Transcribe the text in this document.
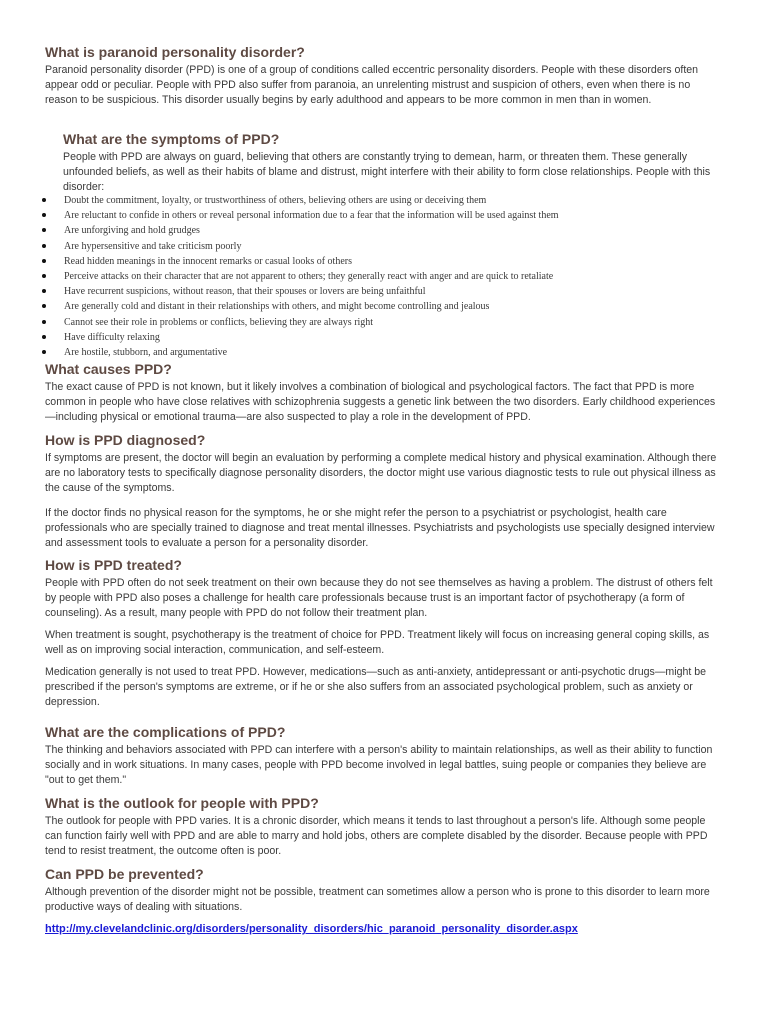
What is paranoid personality disorder?

Paranoid personality disorder (PPD) is one of a group of conditions called eccentric personality disorders. People with these disorders often appear odd or peculiar. People with PPD also suffer from paranoia, an unrelenting mistrust and suspicion of others, even when there is no reason to be suspicious. This disorder usually begins by early adulthood and appears to be more common in men than in women.

What are the symptoms of PPD?

People with PPD are always on guard, believing that others are constantly trying to demean, harm, or threaten them. These generally unfounded beliefs, as well as their habits of blame and distrust, might interfere with their ability to form close relationships. People with this disorder:

Doubt the commitment, loyalty, or trustworthiness of others, believing others are using or deceiving them
Are reluctant to confide in others or reveal personal information due to a fear that the information will be used against them
Are unforgiving and hold grudges
Are hypersensitive and take criticism poorly
Read hidden meanings in the innocent remarks or casual looks of others
Perceive attacks on their character that are not apparent to others; they generally react with anger and are quick to retaliate
Have recurrent suspicions, without reason, that their spouses or lovers are being unfaithful
Are generally cold and distant in their relationships with others, and might become controlling and jealous
Cannot see their role in problems or conflicts, believing they are always right
Have difficulty relaxing
Are hostile, stubborn, and argumentative
What causes PPD?

The exact cause of PPD is not known, but it likely involves a combination of biological and psychological factors. The fact that PPD is more common in people who have close relatives with schizophrenia suggests a genetic link between the two disorders. Early childhood experiences—including physical or emotional trauma—are also suspected to play a role in the development of PPD.

How is PPD diagnosed?

If symptoms are present, the doctor will begin an evaluation by performing a complete medical history and physical examination. Although there are no laboratory tests to specifically diagnose personality disorders, the doctor might use various diagnostic tests to rule out physical illness as the cause of the symptoms.

If the doctor finds no physical reason for the symptoms, he or she might refer the person to a psychiatrist or psychologist, health care professionals who are specially trained to diagnose and treat mental illnesses. Psychiatrists and psychologists use specially designed interview and assessment tools to evaluate a person for a personality disorder.

How is PPD treated?

People with PPD often do not seek treatment on their own because they do not see themselves as having a problem. The distrust of others felt by people with PPD also poses a challenge for health care professionals because trust is an important factor of psychotherapy (a form of counseling). As a result, many people with PPD do not follow their treatment plan.

When treatment is sought, psychotherapy is the treatment of choice for PPD. Treatment likely will focus on increasing general coping skills, as well as on improving social interaction, communication, and self-esteem.

Medication generally is not used to treat PPD. However, medications—such as anti-anxiety, antidepressant or anti-psychotic drugs—might be prescribed if the person's symptoms are extreme, or if he or she also suffers from an associated psychological problem, such as anxiety or depression.

What are the complications of PPD?

The thinking and behaviors associated with PPD can interfere with a person's ability to maintain relationships, as well as their ability to function socially and in work situations. In many cases, people with PPD become involved in legal battles, suing people or companies they believe are "out to get them."

What is the outlook for people with PPD?

The outlook for people with PPD varies. It is a chronic disorder, which means it tends to last throughout a person's life. Although some people can function fairly well with PPD and are able to marry and hold jobs, others are complete disabled by the disorder. Because people with PPD tend to resist treatment, the outcome often is poor.

Can PPD be prevented?

Although prevention of the disorder might not be possible, treatment can sometimes allow a person who is prone to this disorder to learn more productive ways of dealing with situations.

http://my.clevelandclinic.org/disorders/personality_disorders/hic_paranoid_personality_disorder.aspx
